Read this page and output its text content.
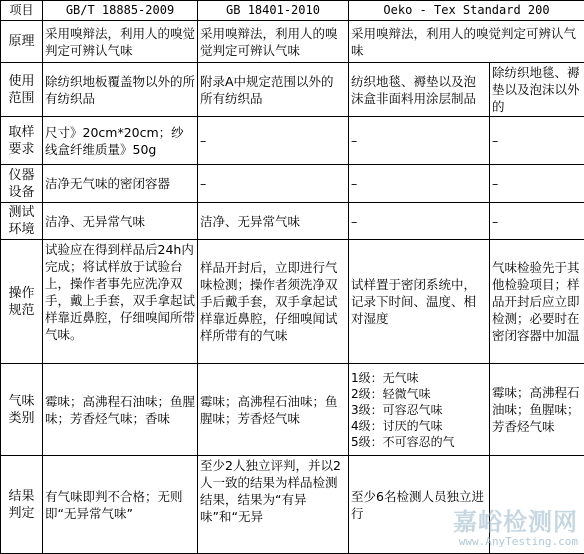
项目	GB/T 18885-2009	GB 18401-2010	Oeko - Tex Standard 200	
原理	采用嗅辩法，利用人的嗅觉判定可辨认气味	采用嗅辩法，利用人的嗅觉判定可辨认气味	采用嗅辩法，利用人的嗅觉判定可辨认气味	
使用范围	除纺织地板覆盖物以外的所有纺织品	附录A中规定范围以外的所有纺织品	纺织地毯、褥垫以及泡沫盒非面料用涂层制品	除纺织地毯、褥垫以及泡沫以外的
取样要求	尺寸》20cm*20cm；纱线盒纤维质量》50g	–	–	–
仪器设备	洁净无气味的密闭容器	–	–	–
测试环境	洁净、无异常气味	洁净、无异常气味	–	–
操作规范	试验应在得到样品后24h内完成；将试样放于试验台上，操作者事先应洗净双手，戴上手套，双手拿起试样靠近鼻腔，仔细嗅闻所带气味。	样品开封后，立即进行气味检测；操作者须洗净双手后戴手套，双手拿起试样靠近鼻腔，仔细嗅闻试样所带有的气味	试样置于密闭系统中，记录下时间、温度、相对湿度	气味检验先于其他检验项目；样品开封后应立即检测；必要时在密闭容器中加温
气味类别	霉味；高沸程石油味；鱼腥味；芳香烃气味；香味	霉味；高沸程石油味；鱼腥味；芳香烃气味	1级：无气味
2级：轻微气味
3级：可容忍气味
4级：讨厌的气味
5级：不可容忍的气	霉味；高沸程石油味；鱼腥味；芳香烃气味
结果判定	有气味即判不合格；无则即“无异常气味”	至少2人独立评判，并以2人一致的结果为样品检测结果，结果为“有异味”和“无异	至少6名检测人员独立进行		嘉峪检测网
www.AnyTesting.com
